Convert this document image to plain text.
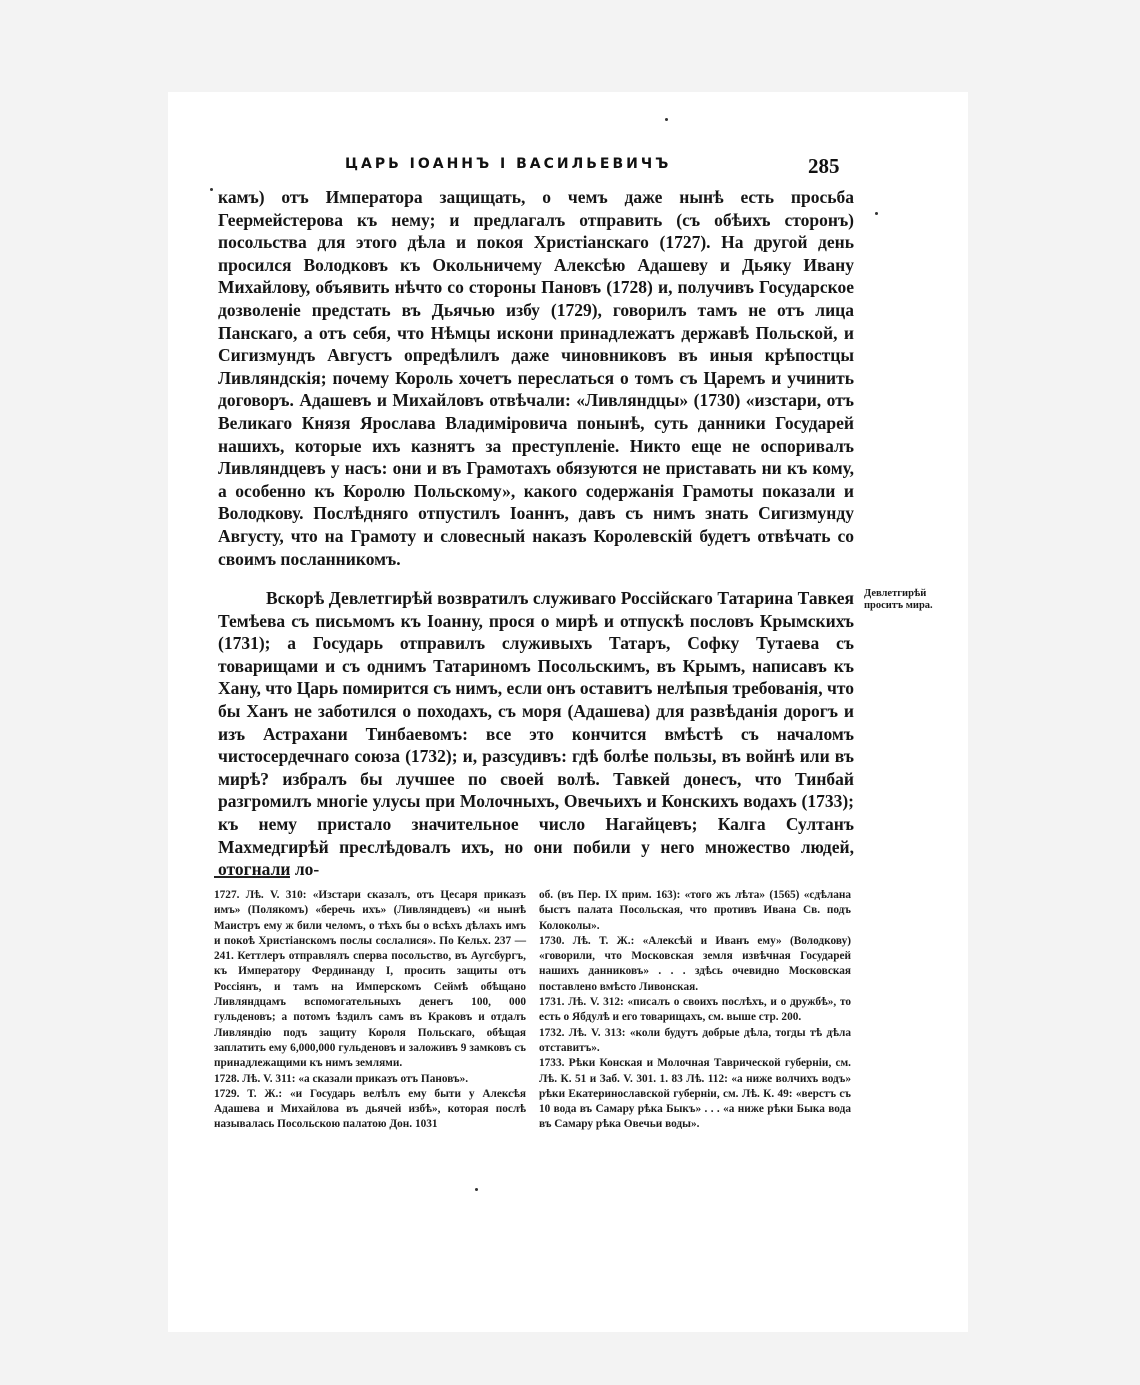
ЦАРЬ ІОАННЪ І ВАСИЛЬЕВИЧЪ	285

камъ) отъ Императора защищать, о чемъ даже нынѣ есть просьба Геермейстерова къ нему; и предлагалъ отправить (съ обѣихъ сторонъ) посольства для этого дѣла и покоя Христіанскаго (1727). На другой день просился Володковъ къ Окольничему Алексѣю Адашеву и Дьяку Ивану Михайлову, объявить нѣчто со стороны Пановъ (1728) и, получивъ Государское дозволеніе предстать въ Дьячью избу (1729), говорилъ тамъ не отъ лица Панскаго, а отъ себя, что Нѣмцы искони принадлежатъ державѣ Польской, и Сигизмундъ Августъ опредѣлилъ даже чиновниковъ въ иныя крѣпостцы Ливляндскія; почему Король хочетъ переслаться о томъ съ Царемъ и учинить договоръ. Адашевъ и Михайловъ отвѣчали: «Ливляндцы» (1730) «изстари, отъ Великаго Князя Ярослава Владиміровича понынѣ, суть данники Государей нашихъ, которые ихъ казнятъ за преступленіе. Никто еще не оспоривалъ Ливляндцевъ у насъ: они и въ Грамотахъ обязуются не приставать ни къ кому, а особенно къ Королю Польскому», какого содержанія Грамоты показали и Володкову. Послѣдняго отпустилъ Іоаннъ, давъ съ нимъ знать Сигизмунду Августу, что на Грамоту и словесный наказъ Королевскій будетъ отвѣчать со своимъ посланникомъ.

Вскорѣ Девлетгирѣй возвратилъ служиваго Россійскаго Татарина Тавкея Темѣева съ письмомъ къ Іоанну, прося о мирѣ и отпускѣ пословъ Крымскихъ (1731); а Государь отправилъ служивыхъ Татаръ, Софку Тутаева съ товарищами и съ однимъ Татариномъ Посольскимъ, въ Крымъ, написавъ къ Хану, что Царь помирится съ нимъ, если онъ оставитъ нелѣпыя требованія, что бы Ханъ не заботился о походахъ, съ моря (Адашева) для развѣданія дорогъ и изъ Астрахани Тинбаевомъ: все это кончится вмѣстѣ съ началомъ чистосердечнаго союза (1732); и, разсудивъ: гдѣ болѣе пользы, въ войнѣ или въ мирѣ? избралъ бы лучшее по своей волѣ. Тавкей донесъ, что Тинбай разгромилъ многіе улусы при Молочныхъ, Овечьихъ и Конскихъ водахъ (1733); къ нему пристало значительное число Нагайцевъ; Калга Султанъ Махмедгирѣй преслѣдовалъ ихъ, но они побили у него множество людей, отогнали ло-

Девлетгирѣй проситъ мира.

1727. Лѣ. V. 310: «Изстари сказалъ, отъ Цесаря приказъ имъ» (Полякомъ) «беречь ихъ» (Ливляндцевъ) «и нынѣ Маистръ ему ж били челомъ, о тѣхъ бы о всѣхъ дѣлахъ имъ и покоѣ Христіанскомъ послы сослалися». По Кельх. 237 — 241. Кеттлеръ отправлялъ сперва посольство, въ Аугсбургъ, къ Императору Фердинанду I, просить защиты отъ Россіянъ, и тамъ на Имперскомъ Сеймѣ обѣщано Ливляндцамъ вспомогательныхъ денегъ 100, 000 гульденовъ; а потомъ ѣздилъ самъ въ Краковъ и отдалъ Ливляндію подъ защиту Короля Польскаго, обѣщая заплатить ему 6,000,000 гульденовъ и заложивъ 9 замковъ съ принадлежащими къ нимъ землями.

1728. Лѣ. V. 311: «а сказали приказъ отъ Пановъ».

1729. Т. Ж.: «и Государь велѣлъ ему быти у Алексѣя Адашева и Михайлова въ дьячей избѣ», которая послѣ называлась Посольскою палатою Дон. 1031

об. (въ Пер. IX прим. 163): «того жъ лѣта» (1565) «сдѣлана быстъ палата Посольская, что противъ Ивана Св. подъ Колоколы».

1730. Лѣ. Т. Ж.: «Алексѣй и Иванъ ему» (Володкову) «говорили, что Московская земля извѣчная Государей нашихъ данниковъ» . . . здѣсь очевидно Московская поставлено вмѣсто Ливонская.

1731. Лѣ. V. 312: «писалъ о своихъ послѣхъ, и о дружбѣ», то есть о Ябдулѣ и его товарищахъ, см. выше стр. 200.

1732. Лѣ. V. 313: «коли будутъ добрые дѣла, тогды тѣ дѣла отставитъ».

1733. Рѣки Конская и Молочная Таврической губерніи, см. Лѣ. К. 51 и Заб. V. 301. 1. 83 Лѣ. 112: «а ниже волчихъ водъ» рѣки Екатеринославской губерніи, см. Лѣ. К. 49: «верстъ съ 10 вода въ Самару рѣка Быкъ» . . . «а ниже рѣки Быка вода въ Самару рѣка Овечьи воды».
